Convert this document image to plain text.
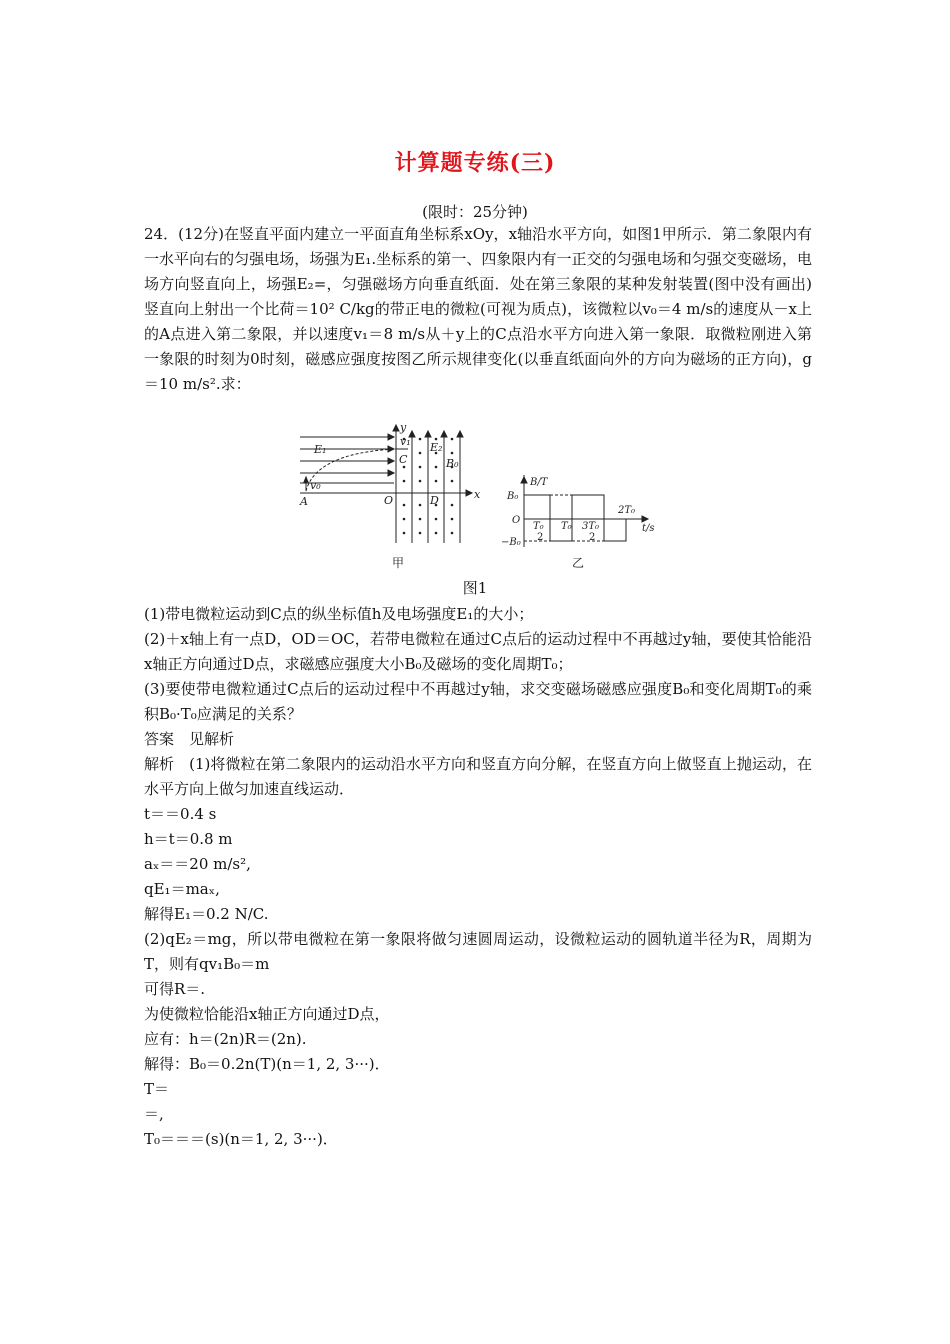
计算题专练(三)
(限时：25分钟)

24．(12分)在竖直平面内建立一平面直角坐标系xOy，x轴沿水平方向，如图1甲所示．第二象限内有一水平向右的匀强电场，场强为E₁.坐标系的第一、四象限内有一正交的匀强电场和匀强交变磁场，电场方向竖直向上，场强E₂=，匀强磁场方向垂直纸面．处在第三象限的某种发射装置(图中没有画出)竖直向上射出一个比荷＝10² C/kg的带正电的微粒(可视为质点)，该微粒以v₀＝4 m/s的速度从－x上的A点进入第二象限，并以速度v₁＝8 m/s从＋y上的C点沿水平方向进入第一象限．取微粒刚进入第一象限的时刻为0时刻，磁感应强度按图乙所示规律变化(以垂直纸面向外的方向为磁场的正方向)，g＝10 m/s².求：

y
x
O
E₁	E₂
v₁
v₀
C
A	D
B₀
甲
B/T
t/s
O
B₀
−B₀
T₀
2
T₀ 3T₀
2
2T₀
乙
图1

(1)带电微粒运动到C点的纵坐标值h及电场强度E₁的大小；

(2)＋x轴上有一点D，OD＝OC，若带电微粒在通过C点后的运动过程中不再越过y轴，要使其恰能沿x轴正方向通过D点，求磁感应强度大小B₀及磁场的变化周期T₀；

(3)要使带电微粒通过C点后的运动过程中不再越过y轴，求交变磁场磁感应强度B₀和变化周期T₀的乘积B₀·T₀应满足的关系？

答案　见解析

解析　(1)将微粒在第二象限内的运动沿水平方向和竖直方向分解，在竖直方向上做竖直上抛运动，在水平方向上做匀加速直线运动．

t＝＝0.4 s

h＝t＝0.8 m

aₓ＝＝20 m/s²,

qE₁＝maₓ,

解得E₁＝0.2 N/C.

(2)qE₂＝mg，所以带电微粒在第一象限将做匀速圆周运动，设微粒运动的圆轨道半径为R，周期为T，则有qv₁B₀＝m

可得R＝.

为使微粒恰能沿x轴正方向通过D点，

应有：h＝(2n)R＝(2n).

解得：B₀＝0.2n(T)(n＝1, 2, 3···)．

T＝

＝,

T₀＝＝＝(s)(n＝1, 2, 3···)．
